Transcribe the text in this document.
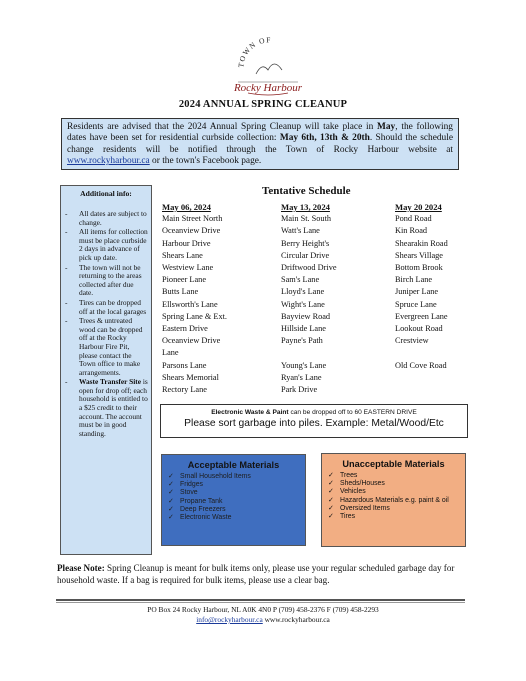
TOWN OF
Rocky Harbour
2024 ANNUAL SPRING CLEANUP
Residents are advised that the 2024 Annual Spring Cleanup will take place in May, the following dates have been set for residential curbside collection: May 6th, 13th & 20th. Should the schedule change residents will be notified through the Town of Rocky Harbour website at www.rockyharbour.ca or the town's Facebook page.
Additional info:
- All dates are subject to change.
- All items for collection must be place curbside 2 days in advance of pick up date.
- The town will not be returning to the areas collected after due date.
- Tires can be dropped off at the local garages
- Trees & untreated wood can be dropped off at the Rocky Harbour Fire Pit, please contact the Town office to make arrangements.
- Waste Transfer Site is open for drop off; each household is entitled to a $25 credit to their account. The account must be in good standing.
Tentative Schedule
May 06, 2024
Main Street North
Oceanview Drive
Harbour Drive
Shears Lane
Westview Lane
Pioneer Lane
Butts Lane
Ellsworth's Lane
Spring Lane & Ext.
Eastern Drive
Oceanview Drive
Lane
Parsons Lane
Shears Memorial
Rectory Lane
May 13, 2024
Main St. South
Watt's Lane
Berry Height's
Circular Drive
Driftwood Drive
Sam's Lane
Lloyd's Lane
Wight's Lane
Bayview Road
Hillside Lane
Payne's Path

Young's Lane
Ryan's Lane
Park Drive
May 20 2024
Pond Road
Kin Road
Shearakin Road
Shears Village
Bottom Brook
Birch Lane
Juniper Lane
Spruce Lane
Evergreen Lane
Lookout Road
Crestview

Old Cove Road
Electronic Waste & Paint can be dropped off to 60 EASTERN DRIVE
Please sort garbage into piles. Example: Metal/Wood/Etc
Acceptable Materials
✓ Small Household Items
✓ Fridges
✓ Stove
✓ Propane Tank
✓ Deep Freezers
✓ Electronic Waste
Unacceptable Materials
✓ Trees
✓ Sheds/Houses
✓ Vehicles
✓ Hazardous Materials e.g. paint & oil
✓ Oversized Items
✓ Tires
Please Note: Spring Cleanup is meant for bulk items only, please use your regular scheduled garbage day for household waste. If a bag is required for bulk items, please use a clear bag.
PO Box 24 Rocky Harbour, NL A0K 4N0 P (709) 458-2376 F (709) 458-2293
info@rockyharbour.ca www.rockyharbour.ca
